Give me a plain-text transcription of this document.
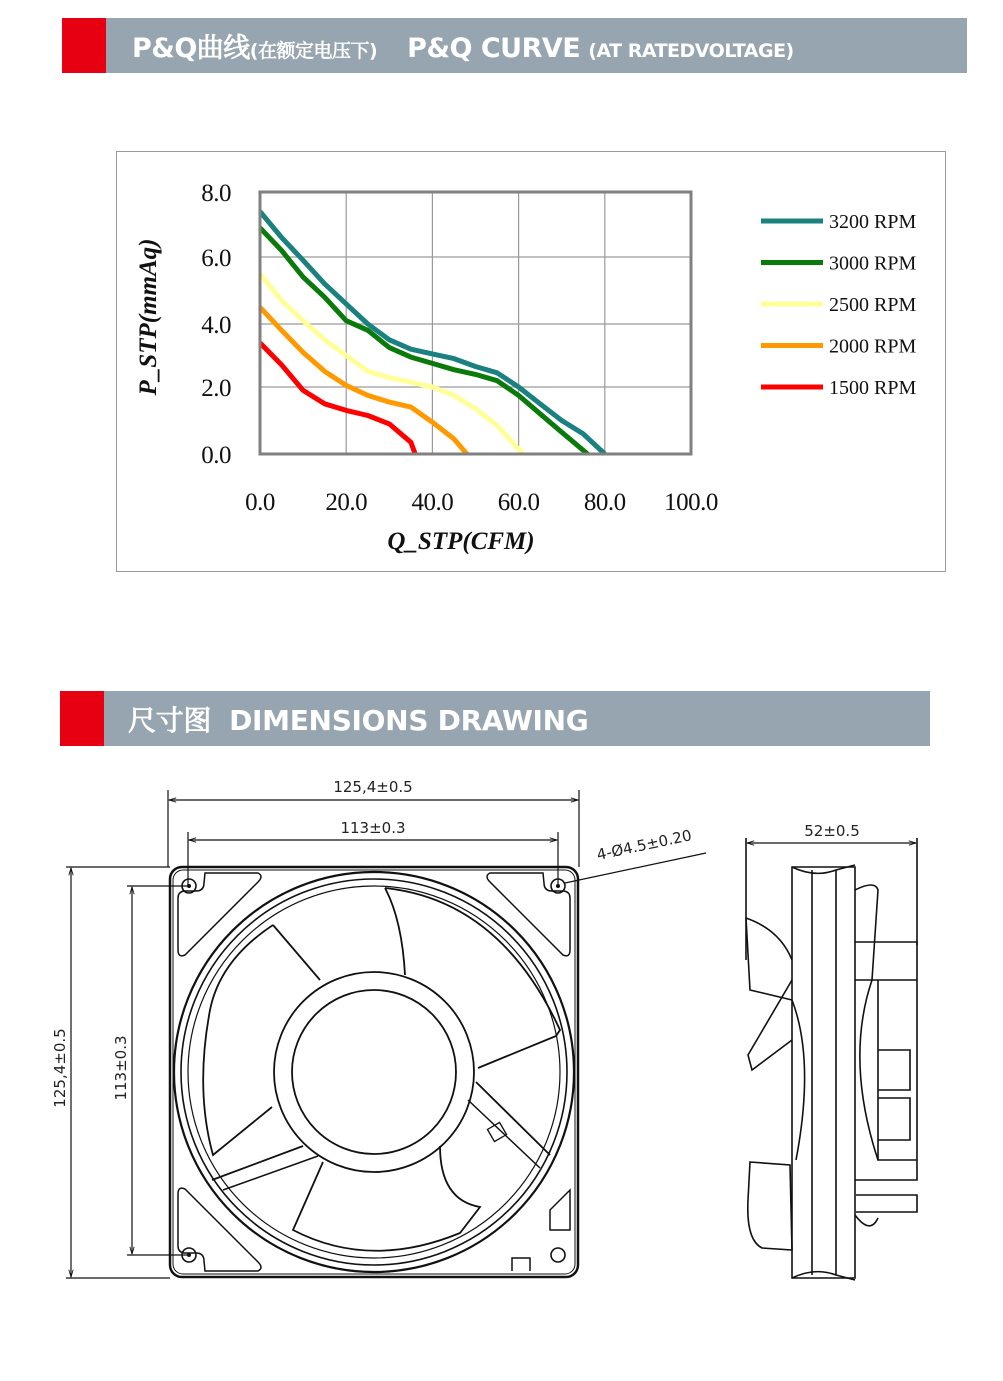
P&Q曲线 (在额定电压下) P&Q CURVE (AT RATEDVOLTAGE)
0.0
2.0
4.0
6.0
8.0
0.0 20.0 40.0 60.0 80.0 100.0
Q_STP(CFM)
P_STP(mmAq)
3200 RPM
3000 RPM
2500 RPM
2000 RPM
1500 RPM
尺寸图 DIMENSIONS DRAWING
125,4±0.5
113±0.3
125,4±0.5	113±0.3
4-Ø4.5±0.20	52±0.5
